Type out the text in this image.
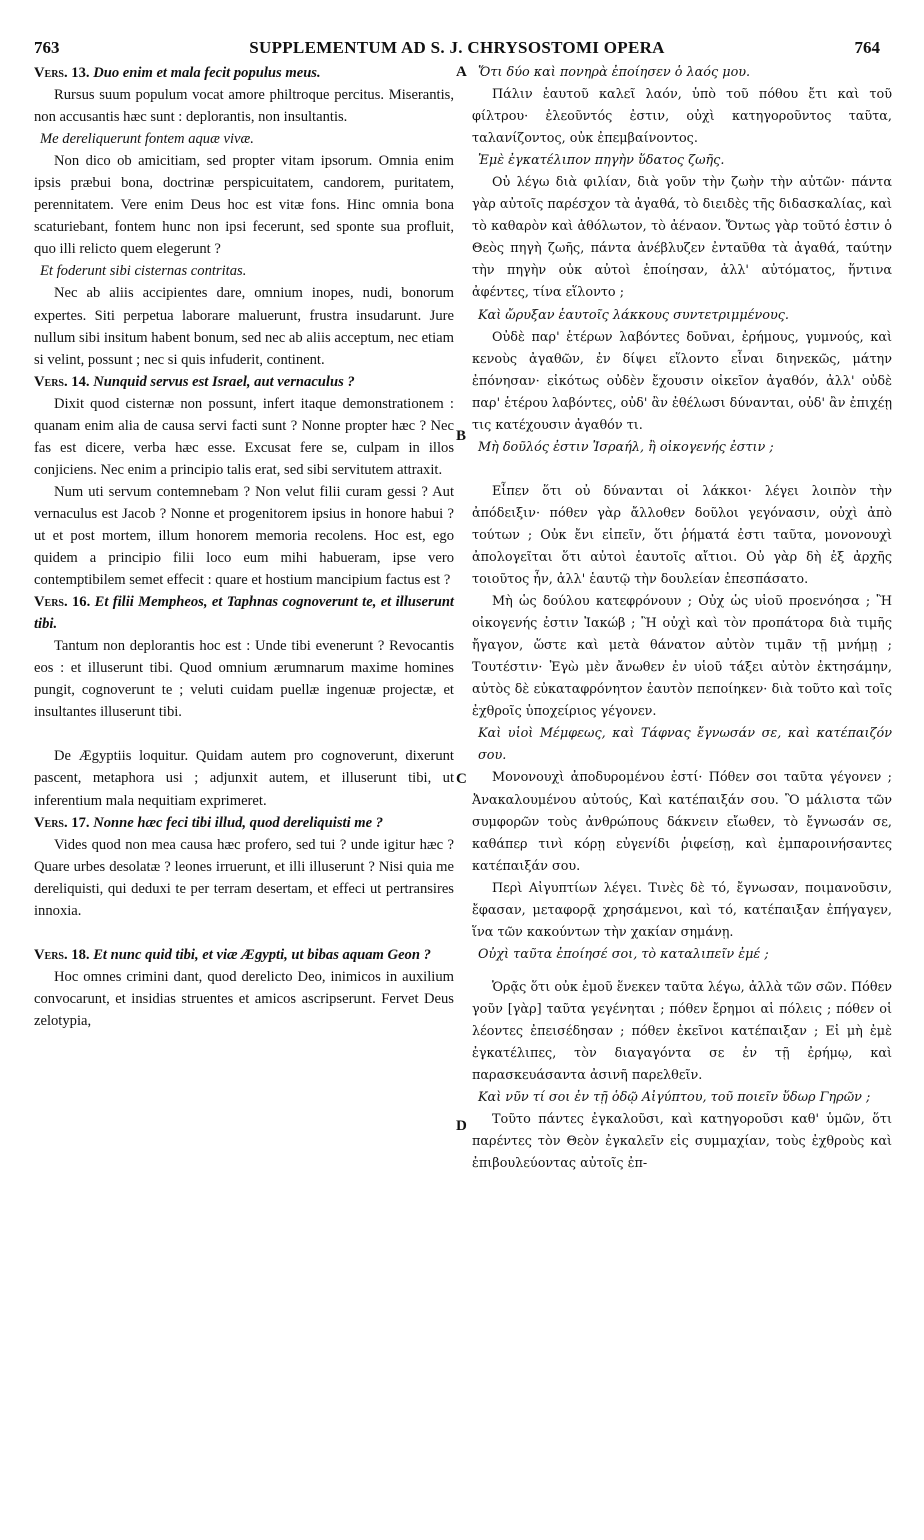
763	SUPPLEMENTUM AD S. J. CHRYSOSTOMI OPERA	764
A
B
C
D

Vers. 13. Duo enim et mala fecit populus meus.

Rursus suum populum vocat amore philtroque percitus. Miserantis, non accusantis hæc sunt : deplorantis, non insultantis.

Me dereliquerunt fontem aquæ vivæ.

Non dico ob amicitiam, sed propter vitam ipsorum. Omnia enim ipsis præbui bona, doctrinæ perspicuitatem, candorem, puritatem, perennitatem. Vere enim Deus hoc est vitæ fons. Hinc omnia bona scaturiebant, fontem hunc non ipsi fecerunt, sed sponte sua profluit, quo illi relicto quem elegerunt ?

Et foderunt sibi cisternas contritas.

Nec ab aliis accipientes dare, omnium inopes, nudi, bonorum expertes. Siti perpetua laborare maluerunt, frustra insudarunt. Jure nullum sibi insitum habent bonum, sed nec ab aliis acceptum, nec etiam si velint, possunt ; nec si quis infuderit, continent.

Vers. 14. Nunquid servus est Israel, aut vernaculus ?

Dixit quod cisternæ non possunt, infert itaque demonstrationem : quanam enim alia de causa servi facti sunt ? Nonne propter hæc ? Nec fas est dicere, verba hæc esse. Excusat fere se, culpam in illos conjiciens. Nec enim a principio talis erat, sed sibi servitutem attraxit.

Num uti servum contemnebam ? Non velut filii curam gessi ? Aut vernaculus est Jacob ? Nonne et progenitorem ipsius in honore habui ? ut et post mortem, illum honorem memoria recolens. Hoc est, ego quidem a principio filii loco eum mihi habueram, ipse vero contemptibilem semet effecit : quare et hostium mancipium factus est ?

Vers. 16. Et filii Mempheos, et Taphnas cognoverunt te, et illuserunt tibi.

Tantum non deplorantis hoc est : Unde tibi evenerunt ? Revocantis eos : et illuserunt tibi. Quod omnium ærumnarum maxime homines pungit, cognoverunt te ; veluti cuidam puellæ ingenuæ projectæ, et insultantes illuserunt tibi.

De Ægyptiis loquitur. Quidam autem pro cognoverunt, dixerunt pascent, metaphora usi ; adjunxit autem, et illuserunt tibi, ut inferentium mala nequitiam exprimeret.

Vers. 17. Nonne hæc feci tibi illud, quod dereliquisti me ?

Vides quod non mea causa hæc profero, sed tui ? unde igitur hæc ? Quare urbes desolatæ ? leones irruerunt, et illi illuserunt ? Nisi quia me dereliquisti, qui deduxi te per terram desertam, et effeci ut pertransires innoxia.

Vers. 18. Et nunc quid tibi, et viæ Ægypti, ut bibas aquam Geon ?

Hoc omnes crimini dant, quod derelicto Deo, inimicos in auxilium convocarunt, et insidias struentes et amicos ascripserunt. Fervet Deus zelotypia,

Ὅτι δύο καὶ πονηρὰ ἐποίησεν ὁ λαός μου.

Πάλιν ἑαυτοῦ καλεῖ λαόν, ὑπὸ τοῦ πόθου ἔτι καὶ τοῦ φίλτρου· ἐλεοῦντός ἐστιν, οὐχὶ κατηγοροῦντος ταῦτα, ταλανίζοντος, οὐκ ἐπεμβαίνοντος.

Ἐμὲ ἐγκατέλιπον πηγὴν ὕδατος ζωῆς.

Οὐ λέγω διὰ φιλίαν, διὰ γοῦν τὴν ζωὴν τὴν αὐτῶν· πάντα γὰρ αὐτοῖς παρέσχον τὰ ἀγαθά, τὸ διειδὲς τῆς διδασκαλίας, καὶ τὸ καθαρὸν καὶ ἀθόλωτον, τὸ ἀέναον. Ὄντως γὰρ τοῦτό ἐστιν ὁ Θεὸς πηγὴ ζωῆς, πάντα ἀνέβλυζεν ἐνταῦθα τὰ ἀγαθά, ταύτην τὴν πηγὴν οὐκ αὐτοὶ ἐποίησαν, ἀλλ' αὐτόματος, ἥντινα ἀφέντες, τίνα εἵλοντο ;

Καὶ ὤρυξαν ἑαυτοῖς λάκκους συντετριμμένους.

Οὐδὲ παρ' ἑτέρων λαβόντες δοῦναι, ἐρήμους, γυμνούς, καὶ κενοὺς ἀγαθῶν, ἐν δίψει εἵλοντο εἶναι διηνεκῶς, μάτην ἐπόνησαν· εἰκότως οὐδὲν ἔχουσιν οἰκεῖον ἀγαθόν, ἀλλ' οὐδὲ παρ' ἑτέρου λαβόντες, οὐδ' ἂν ἐθέλωσι δύνανται, οὐδ' ἂν ἐπιχέῃ τις κατέχουσιν ἀγαθόν τι.

Μὴ δοῦλός ἐστιν Ἰσραήλ, ἢ οἰκογενής ἐστιν ;

Εἶπεν ὅτι οὐ δύνανται οἱ λάκκοι· λέγει λοιπὸν τὴν ἀπόδειξιν· πόθεν γὰρ ἄλλοθεν δοῦλοι γεγόνασιν, οὐχὶ ἀπὸ τούτων ; Οὐκ ἔνι εἰπεῖν, ὅτι ῥήματά ἐστι ταῦτα, μονονουχὶ ἀπολογεῖται ὅτι αὐτοὶ ἑαυτοῖς αἴτιοι. Οὐ γὰρ δὴ ἐξ ἀρχῆς τοιοῦτος ἦν, ἀλλ' ἑαυτῷ τὴν δουλείαν ἐπεσπάσατο.

Μὴ ὡς δούλου κατεφρόνουν ; Οὐχ ὡς υἱοῦ προενόησα ; Ἢ οἰκογενής ἐστιν Ἰακώβ ; Ἢ οὐχὶ καὶ τὸν προπάτορα διὰ τιμῆς ἤγαγον, ὥστε καὶ μετὰ θάνατον αὐτὸν τιμᾶν τῇ μνήμῃ ; Τουτέστιν· Ἐγὼ μὲν ἄνωθεν ἐν υἱοῦ τάξει αὐτὸν ἐκτησάμην, αὐτὸς δὲ εὐκαταφρόνητον ἑαυτὸν πεποίηκεν· διὰ τοῦτο καὶ τοῖς ἐχθροῖς ὑποχείριος γέγονεν.

Καὶ υἱοὶ Μέμφεως, καὶ Τάφνας ἔγνωσάν σε, καὶ κατέπαιζόν σου.

Μονονουχὶ ἀποδυρομένου ἐστί· Πόθεν σοι ταῦτα γέγονεν ; Ἀνακαλουμένου αὐτούς, Καὶ κατέπαιξάν σου. Ὃ μάλιστα τῶν συμφορῶν τοὺς ἀνθρώπους δάκνειν εἴωθεν, τὸ ἔγνωσάν σε, καθάπερ τινὶ κόρῃ εὐγενίδι ῥιφείσῃ, καὶ ἐμπαροινήσαντες κατέπαιξάν σου.

Περὶ Αἰγυπτίων λέγει. Τινὲς δὲ τό, ἔγνωσαν, ποιμανοῦσιν, ἔφασαν, μεταφορᾷ χρησάμενοι, καὶ τό, κατέπαιξαν ἐπήγαγεν, ἵνα τῶν κακούντων τὴν χακίαν σημάνῃ.

Οὐχὶ ταῦτα ἐποίησέ σοι, τὸ καταλιπεῖν ἐμέ ;

Ὁρᾷς ὅτι οὐκ ἐμοῦ ἕνεκεν ταῦτα λέγω, ἀλλὰ τῶν σῶν. Πόθεν γοῦν [γὰρ] ταῦτα γεγένηται ; πόθεν ἔρημοι αἱ πόλεις ; πόθεν οἱ λέοντες ἐπεισέδησαν ; πόθεν ἐκεῖνοι κατέπαιξαν ; Εἰ μὴ ἐμὲ ἐγκατέλιπες, τὸν διαγαγόντα σε ἐν τῇ ἐρήμῳ, καὶ παρασκευάσαντα ἀσινῆ παρελθεῖν.

Καὶ νῦν τί σοι ἐν τῇ ὁδῷ Αἰγύπτου, τοῦ ποιεῖν ὕδωρ Γηρῶν ;

Τοῦτο πάντες ἐγκαλοῦσι, καὶ κατηγοροῦσι καθ' ὑμῶν, ὅτι παρέντες τὸν Θεὸν ἐγκαλεῖν εἰς συμμαχίαν, τοὺς ἐχθροὺς καὶ ἐπιβουλεύοντας αὐτοῖς ἐπ-
